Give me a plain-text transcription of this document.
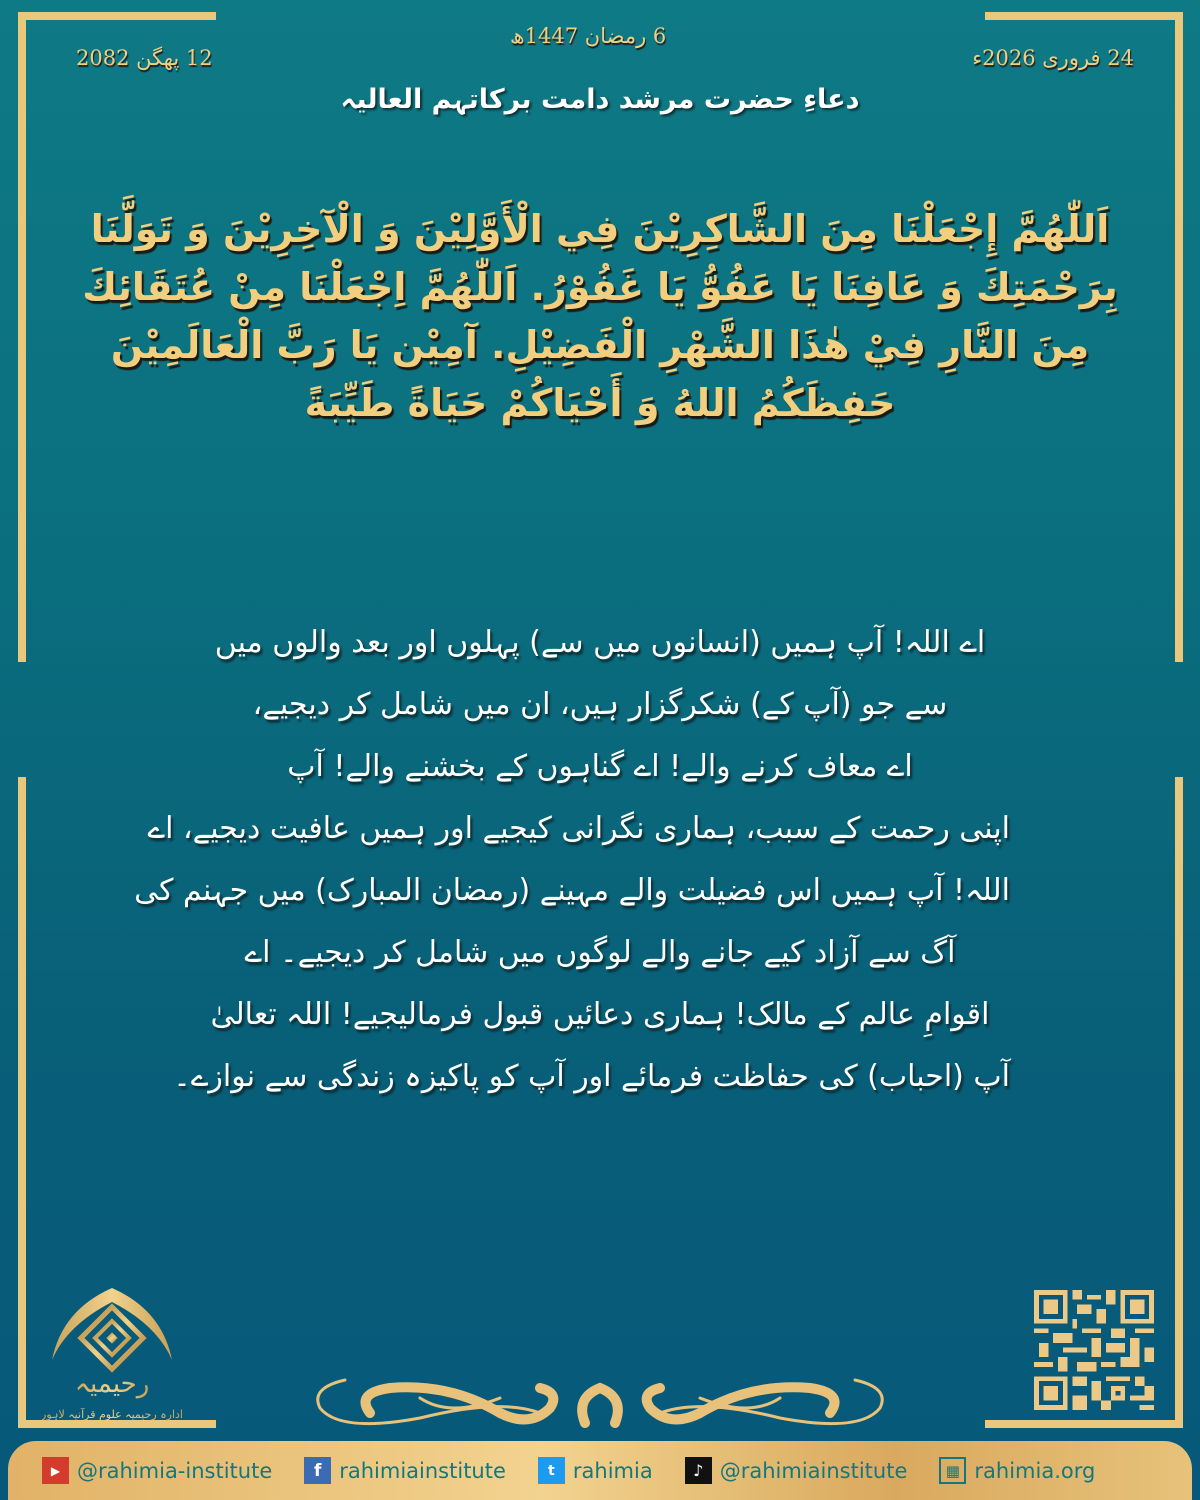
24 فروری 2026ء
6 رمضان 1447ھ
12 پھگن 2082
دعاءِ حضرت مرشد دامت برکاتہم العالیہ
اَللّٰهُمَّ إِجْعَلْنَا مِنَ الشَّاكِرِيْنَ فِي الْأَوَّلِيْنَ وَ الْآخِرِيْنَ وَ تَوَلَّنَا بِرَحْمَتِكَ وَ عَافِنَا يَا عَفُوُّ يَا غَفُوْرُ. اَللّٰهُمَّ اِجْعَلْنَا مِنْ عُتَقَائِكَ مِنَ النَّارِ فِيْ هٰذَا الشَّهْرِ الْفَضِيْلِ. آمِيْن يَا رَبَّ الْعَالَمِيْنَ حَفِظَكُمُ اللهُ وَ أَحْيَاكُمْ حَيَاةً طَيِّبَةً
اے اللہ! آپ ہمیں (انسانوں میں سے) پہلوں اور بعد والوں میں
سے جو (آپ کے) شکرگزار ہیں، ان میں شامل کر دیجیے،
اے معاف کرنے والے! اے گناہوں کے بخشنے والے! آپ
اپنی رحمت کے سبب، ہماری نگرانی کیجیے اور ہمیں عافیت دیجیے، اے
اللہ! آپ ہمیں اس فضیلت والے مہینے (رمضان المبارک) میں جہنم کی
آگ سے آزاد کیے جانے والے لوگوں میں شامل کر دیجیے۔ اے
اقوامِ عالم کے مالک! ہماری دعائیں قبول فرمالیجیے! اللہ تعالیٰ
آپ (احباب) کی حفاظت فرمائے اور آپ کو پاکیزہ زندگی سے نوازے۔
رحیمیہ
ادارہ رحیمیہ علوم قرآنیہ لاہور
▶ @rahimia-institute	f rahimiainstitute	t rahimia	♪ @rahimiainstitute	▦ rahimia.org
